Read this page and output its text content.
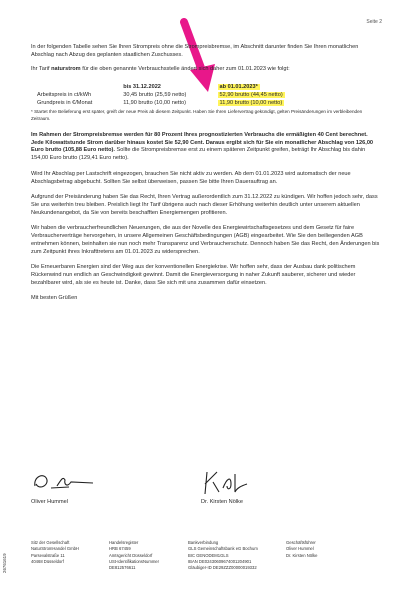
Seite 2

In der folgenden Tabelle sehen Sie Ihren Strompreis ohne die Strompreisbremse, im Abschnitt darunter finden Sie Ihren monatlichen Abschlag nach Abzug des geplanten staatlichen Zuschusses.

Ihr Tarif naturstrom für die oben genannte Verbrauchsstelle ändert sich daher zum 01.01.2023 wie folgt:

	bis 31.12.2022	ab 01.01.2023*
Arbeitspreis in ct/kWh	30,45 brutto (25,59 netto)	52,90 brutto (44,45 netto)
Grundpreis in €/Monat	11,90 brutto (10,00 netto)	11,90 brutto (10,00 netto)
* Startet Ihre Belieferung erst später, greift der neue Preis ab diesem Zeitpunkt. Haben Sie Ihren Liefervertrag gekündigt, gelten Preisänderungen im verbleibenden Zeitraum.

Im Rahmen der Strompreisbremse werden für 80 Prozent Ihres prognostizierten Verbrauchs die ermäßigten 40 Cent berechnet. Jede Kilowattstunde Strom darüber hinaus kostet Sie 52,90 Cent. Daraus ergibt sich für Sie ein monatlicher Abschlag von 126,00 Euro brutto (105,88 Euro netto). Sollte die Strompreisbremse erst zu einem späteren Zeitpunkt greifen, beträgt Ihr Abschlag bis dahin 154,00 Euro brutto (129,41 Euro netto).

Wird Ihr Abschlag per Lastschrift eingezogen, brauchen Sie nicht aktiv zu werden. Ab dem 01.01.2023 wird automatisch der neue Abschlagsbetrag abgebucht. Sollten Sie selbst überweisen, passen Sie bitte Ihren Dauerauftrag an.

Aufgrund der Preisänderung haben Sie das Recht, Ihren Vertrag außerordentlich zum 31.12.2022 zu kündigen. Wir hoffen jedoch sehr, dass Sie uns weiterhin treu bleiben. Preislich liegt Ihr Tarif übrigens auch nach dieser Erhöhung weiterhin deutlich unter unserem aktuellen Neukundenangebot, da Sie von bereits beschafften Energiemengen profitieren.

Wir haben die verbraucherfreundlichen Neuerungen, die aus der Novelle des Energiewirtschaftsgesetzes und dem Gesetz für faire Verbraucherverträge hervorgehen, in unsere Allgemeinen Geschäftsbedingungen (AGB) eingearbeitet. Wie Sie den beiliegenden AGB entnehmen können, beinhalten sie nun noch mehr Transparenz und Verbraucherschutz. Dennoch haben Sie das Recht, den Änderungen bis zum Zeitpunkt ihres Inkrafttretens am 01.01.2023 zu widersprechen.

Die Erneuerbaren Energien sind der Weg aus der konventionellen Energiekrise. Wir hoffen sehr, dass der Ausbau dank politischem Rückenwind nun endlich an Geschwindigkeit gewinnt. Damit die Energieversorgung in naher Zukunft sauberer, sicherer und wieder bezahlbarer wird, als sie es heute ist. Danke, dass Sie sich mit uns zusammen dafür einsetzen.

Mit besten Grüßen

Oliver Hummel	Dr. Kirsten Nölke
Sitz der Gesellschaft
NaturStromHandel GmbH
Parsevalstraße 11
40468 Düsseldorf
Handelsregister
HRB 67459
Amtsgericht Düsseldorf
USt-IdentifikationsNummer
DE812576611
Bankverbindung
GLS Gemeinschaftsbank eG Bochum
BIC GENODEM1GLS
IBAN DE02430609674001204901
Gläubiger-ID DE29ZZZ00000019332
Geschäftsführer
Oliver Hummel
Dr. Kirsten Nölke
26761619
